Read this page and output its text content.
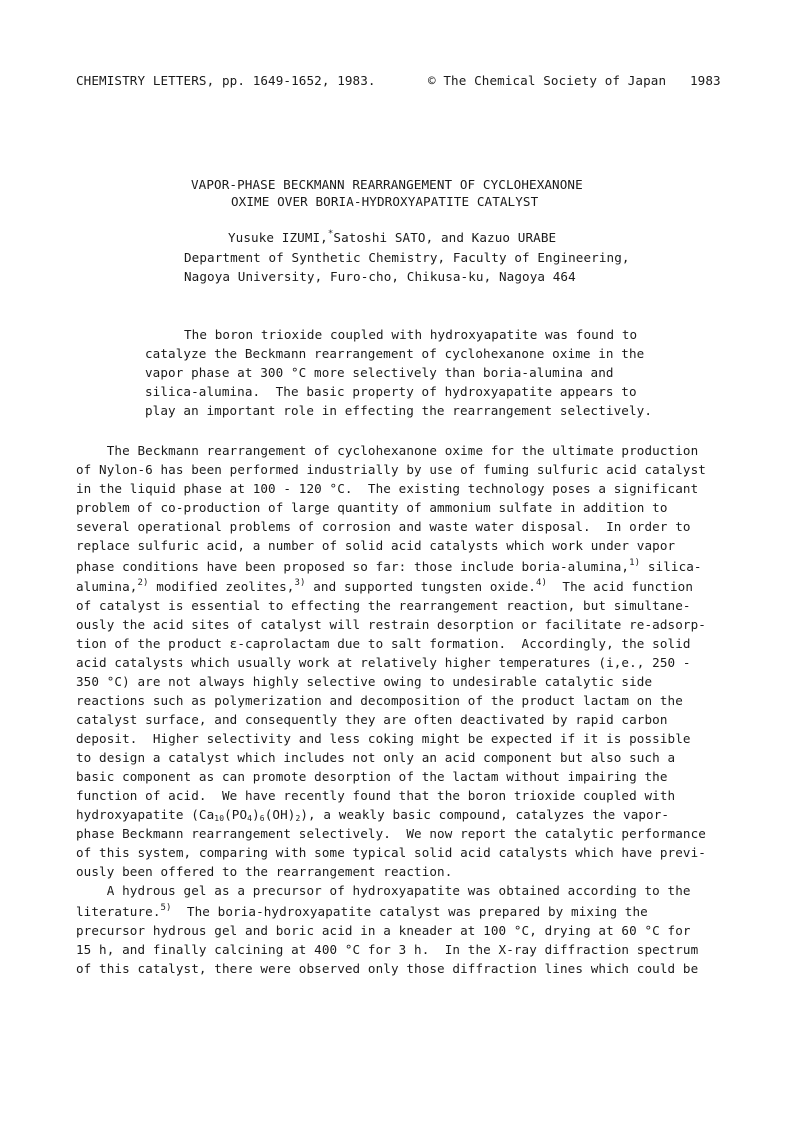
CHEMISTRY LETTERS, pp. 1649-1652, 1983.	© The Chemical Society of Japan 1983
VAPOR-PHASE BECKMANN REARRANGEMENT OF CYCLOHEXANONE
OXIME OVER BORIA-HYDROXYAPATITE CATALYST
Yusuke IZUMI,*Satoshi SATO, and Kazuo URABE
Department of Synthetic Chemistry, Faculty of Engineering,
Nagoya University, Furo-cho, Chikusa-ku, Nagoya 464
The boron trioxide coupled with hydroxyapatite was found to
catalyze the Beckmann rearrangement of cyclohexanone oxime in the
vapor phase at 300 °C more selectively than boria-alumina and
silica-alumina.  The basic property of hydroxyapatite appears to
play an important role in effecting the rearrangement selectively.
The Beckmann rearrangement of cyclohexanone oxime for the ultimate production
of Nylon-6 has been performed industrially by use of fuming sulfuric acid catalyst
in the liquid phase at 100 - 120 °C.  The existing technology poses a significant
problem of co-production of large quantity of ammonium sulfate in addition to
several operational problems of corrosion and waste water disposal.  In order to
replace sulfuric acid, a number of solid acid catalysts which work under vapor
phase conditions have been proposed so far: those include boria-alumina,$^{1)}$ silica-
alumina,$^{2)}$ modified zeolites,$^{3)}$ and supported tungsten oxide.$^{4)}$  The acid function
of catalyst is essential to effecting the rearrangement reaction, but simultane-
ously the acid sites of catalyst will restrain desorption or facilitate re-adsorp-
tion of the product ε-caprolactam due to salt formation.  Accordingly, the solid
acid catalysts which usually work at relatively higher temperatures (i,e., 250 -
350 °C) are not always highly selective owing to undesirable catalytic side
reactions such as polymerization and decomposition of the product lactam on the
catalyst surface, and consequently they are often deactivated by rapid carbon
deposit.  Higher selectivity and less coking might be expected if it is possible
to design a catalyst which includes not only an acid component but also such a
basic component as can promote desorption of the lactam without impairing the
function of acid.  We have recently found that the boron trioxide coupled with
hydroxyapatite $(Ca_{10}(PO_4)_6(OH)_2)$, a weakly basic compound, catalyzes the vapor-
phase Beckmann rearrangement selectively.  We now report the catalytic performance
of this system, comparing with some typical solid acid catalysts which have previ-
ously been offered to the rearrangement reaction.
A hydrous gel as a precursor of hydroxyapatite was obtained according to the
literature.$^{5)}$  The boria-hydroxyapatite catalyst was prepared by mixing the
precursor hydrous gel and boric acid in a kneader at 100 °C, drying at 60 °C for
15 h, and finally calcining at 400 °C for 3 h.  In the X-ray diffraction spectrum
of this catalyst, there were observed only those diffraction lines which could be
